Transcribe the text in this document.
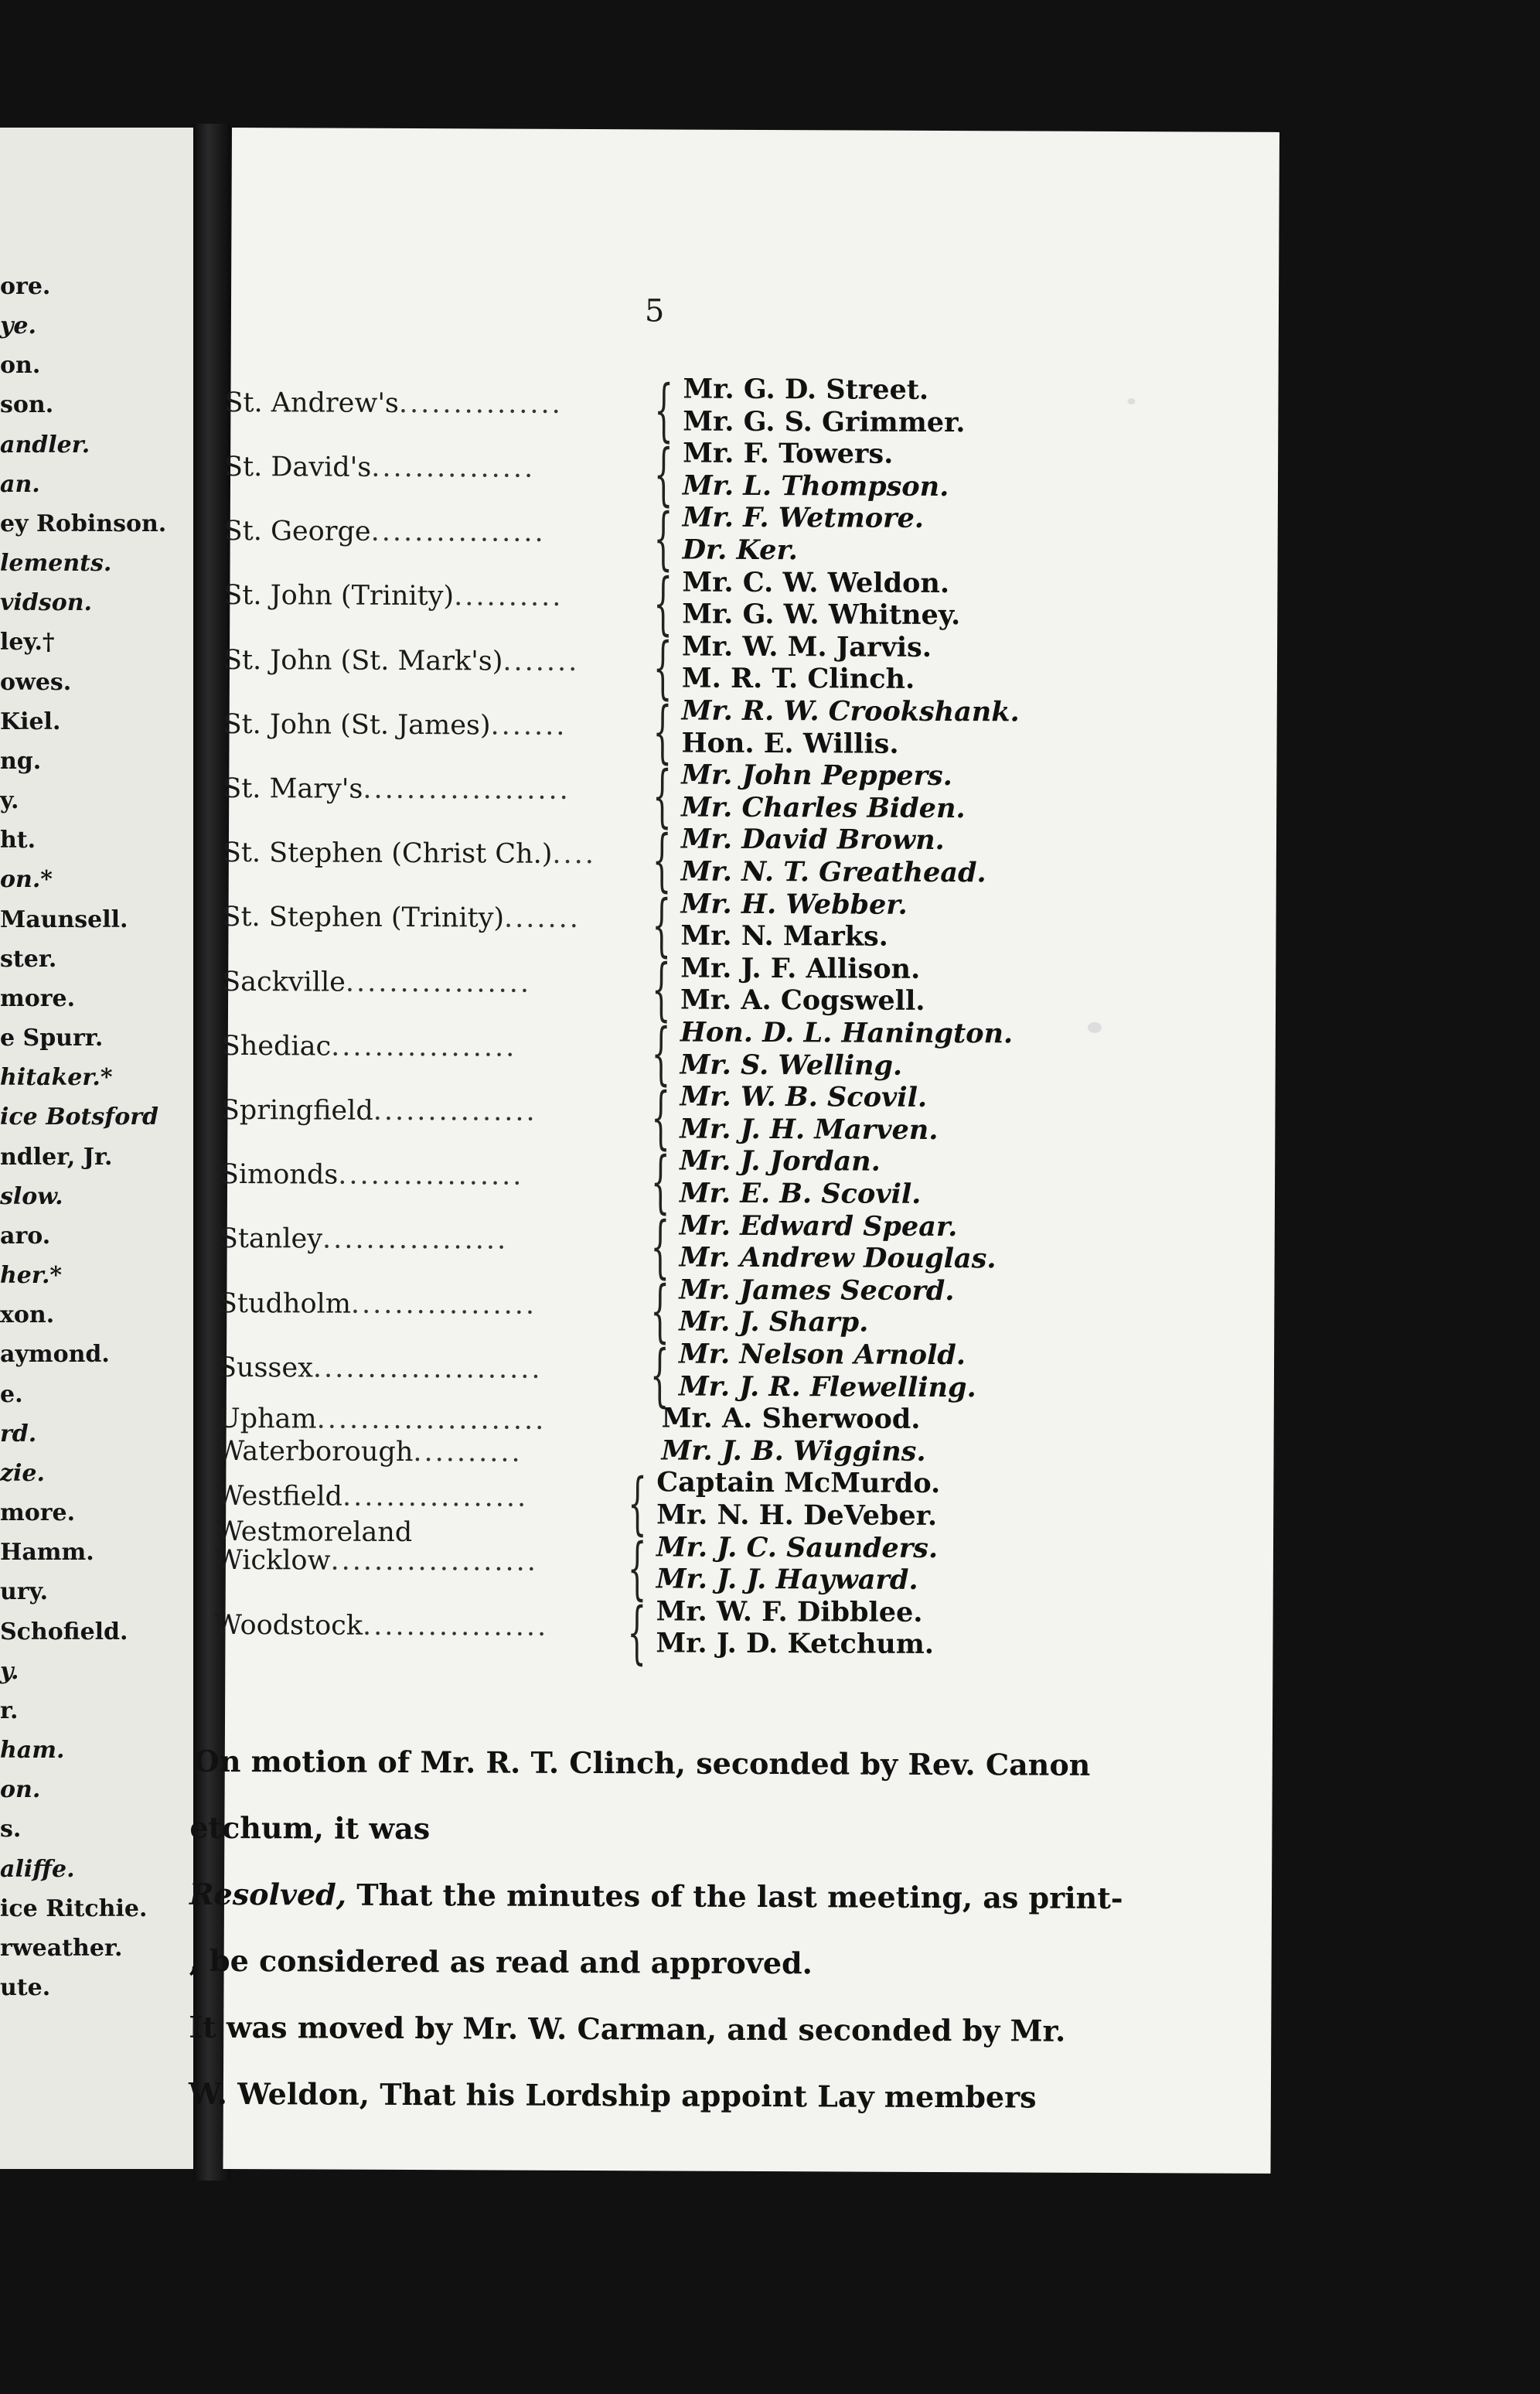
ore.
ye.
on.
son.
andler.
an.
ey Robinson.
lements.
vidson.
ley.†
owes.
Kiel.
ng.
y.
ht.
on.*
Maunsell.
ster.
more.
e Spurr.
hitaker.*
ice Botsford
ndler, Jr.
slow.
aro.
her.*
xon.
aymond.
e.
rd.
zie.
more.
Hamm.
ury.
Schofield.
y.
r.
ham.
on.
s.
aliffe.
ice Ritchie.
rweather.
ute.
5
St. Andrew's............... { Mr. G. D. Street.
Mr. G. S. Grimmer.
St. David's............... { Mr. F. Towers.
Mr. L. Thompson.
St. George................ { Mr. F. Wetmore.
Dr. Ker.
St. John (Trinity).......... { Mr. C. W. Weldon.
Mr. G. W. Whitney.
St. John (St. Mark's)....... { Mr. W. M. Jarvis.
M. R. T. Clinch.
St. John (St. James)....... { Mr. R. W. Crookshank.
Hon. E. Willis.
St. Mary's................... { Mr. John Peppers.
Mr. Charles Biden.
St. Stephen (Christ Ch.).... { Mr. David Brown.
Mr. N. T. Greathead.
St. Stephen (Trinity)....... { Mr. H. Webber.
Mr. N. Marks.
Sackville................. { Mr. J. F. Allison.
Mr. A. Cogswell.
Shediac................. { Hon. D. L. Hanington.
Mr. S. Welling.
Springfield............... { Mr. W. B. Scovil.
Mr. J. H. Marven.
Simonds................. { Mr. J. Jordan.
Mr. E. B. Scovil.
Stanley.................	{ Mr. Edward Spear.
Mr. Andrew Douglas.
Studholm................. { Mr. James Secord.
Mr. J. Sharp.
Sussex..................... { Mr. Nelson Arnold.
Mr. J. R. Flewelling.
Upham.....................	Mr. A. Sherwood.
Waterborough..........	Mr. J. B. Wiggins.
Westfield................. { Captain McMurdo.
Mr. N. H. DeVeber.
Westmoreland
Wicklow................... { Mr. J. C. Saunders.
Mr. J. J. Hayward.
Woodstock................. { Mr. W. F. Dibblee.
Mr. J. D. Ketchum.
On motion of Mr. R. T. Clinch, seconded by Rev. Canon
etchum, it was
Resolved, That the minutes of the last meeting, as print-
, be considered as read and approved.
It was moved by Mr. W. Carman, and seconded by Mr.
W. Weldon, That his Lordship appoint Lay members
